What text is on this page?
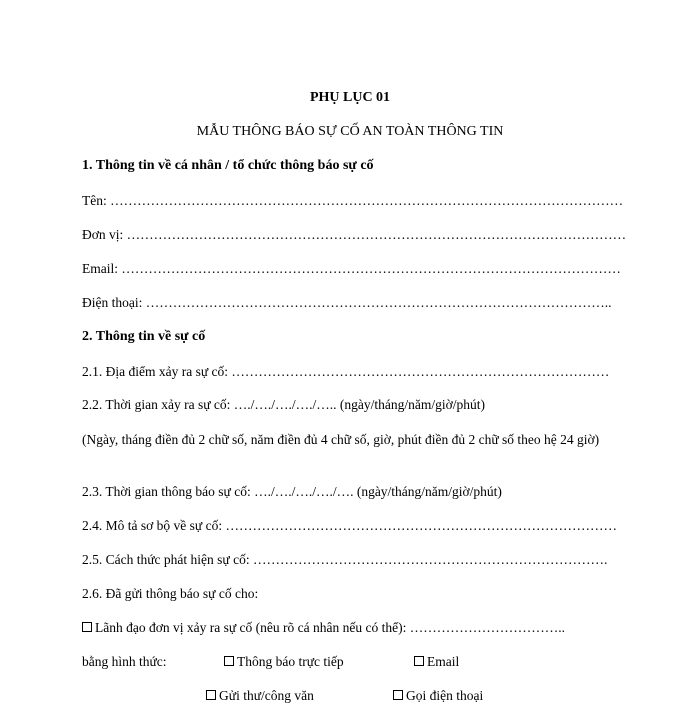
PHỤ LỤC 01
MẪU THÔNG BÁO SỰ CỐ AN TOÀN THÔNG TIN
1. Thông tin về cá nhân / tổ chức thông báo sự cố
Tên: ……………………………………………………………………………………………………
Đơn vị: …………………………………………………………………………………………………
Email: …………………………………………………………………………………………………
Điện thoại: …………………………………………………………………………………………..
2. Thông tin về sự cố
2.1. Địa điểm xảy ra sự cố: …………………………………………………………………………
2.2. Thời gian xảy ra sự cố: …./…./…./…./….. (ngày/tháng/năm/giờ/phút)
(Ngày, tháng điền đủ 2 chữ số, năm điền đủ 4 chữ số, giờ, phút điền đủ 2 chữ số theo hệ 24 giờ)
2.3. Thời gian thông báo sự cố: …./…./…./…./…. (ngày/tháng/năm/giờ/phút)
2.4. Mô tả sơ bộ về sự cố: ……………………………………………………………………………
2.5. Cách thức phát hiện sự cố: …………………………………………………………………….
2.6. Đã gửi thông báo sự cố cho:
Lãnh đạo đơn vị xảy ra sự cố (nêu rõ cá nhân nếu có thể): ……………………………..
bằng hình thức:	Thông báo trực tiếp	Email
Gửi thư/công văn	Gọi điện thoại
